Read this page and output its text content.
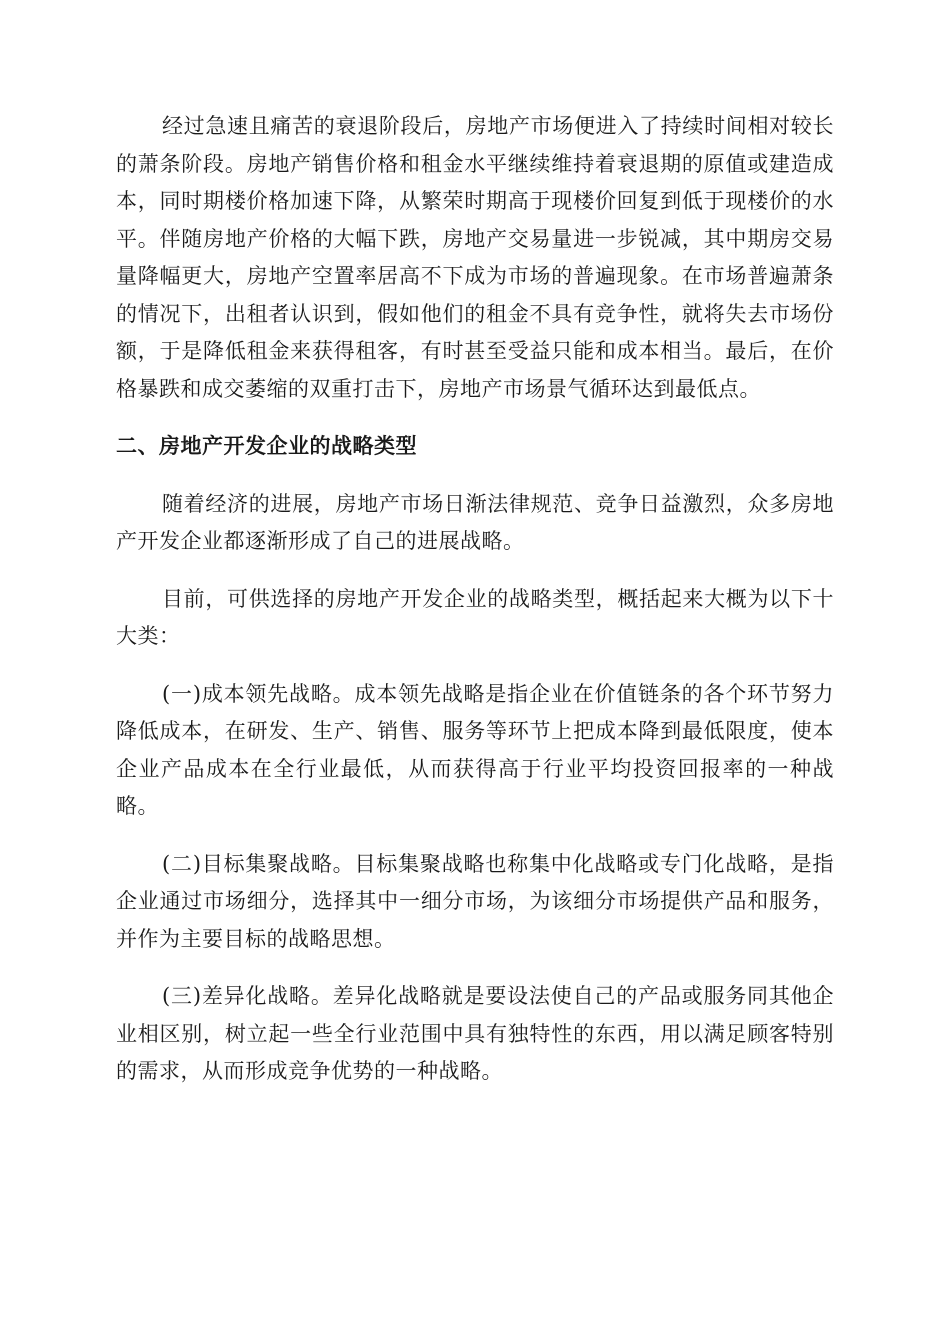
经过急速且痛苦的衰退阶段后，房地产市场便进入了持续时间相对较长的萧条阶段。房地产销售价格和租金水平继续维持着衰退期的原值或建造成本，同时期楼价格加速下降，从繁荣时期高于现楼价回复到低于现楼价的水平。伴随房地产价格的大幅下跌，房地产交易量进一步锐减，其中期房交易量降幅更大，房地产空置率居高不下成为市场的普遍现象。在市场普遍萧条的情况下，出租者认识到，假如他们的租金不具有竞争性，就将失去市场份额，于是降低租金来获得租客，有时甚至受益只能和成本相当。最后，在价格暴跌和成交萎缩的双重打击下，房地产市场景气循环达到最低点。

二、房地产开发企业的战略类型

随着经济的进展，房地产市场日渐法律规范、竞争日益激烈，众多房地产开发企业都逐渐形成了自己的进展战略。

目前，可供选择的房地产开发企业的战略类型，概括起来大概为以下十大类：

(一)成本领先战略。成本领先战略是指企业在价值链条的各个环节努力降低成本，在研发、生产、销售、服务等环节上把成本降到最低限度，使本企业产品成本在全行业最低，从而获得高于行业平均投资回报率的一种战略。

(二)目标集聚战略。目标集聚战略也称集中化战略或专门化战略，是指企业通过市场细分，选择其中一细分市场，为该细分市场提供产品和服务，并作为主要目标的战略思想。

(三)差异化战略。差异化战略就是要设法使自己的产品或服务同其他企业相区别，树立起一些全行业范围中具有独特性的东西，用以满足顾客特别的需求，从而形成竞争优势的一种战略。
